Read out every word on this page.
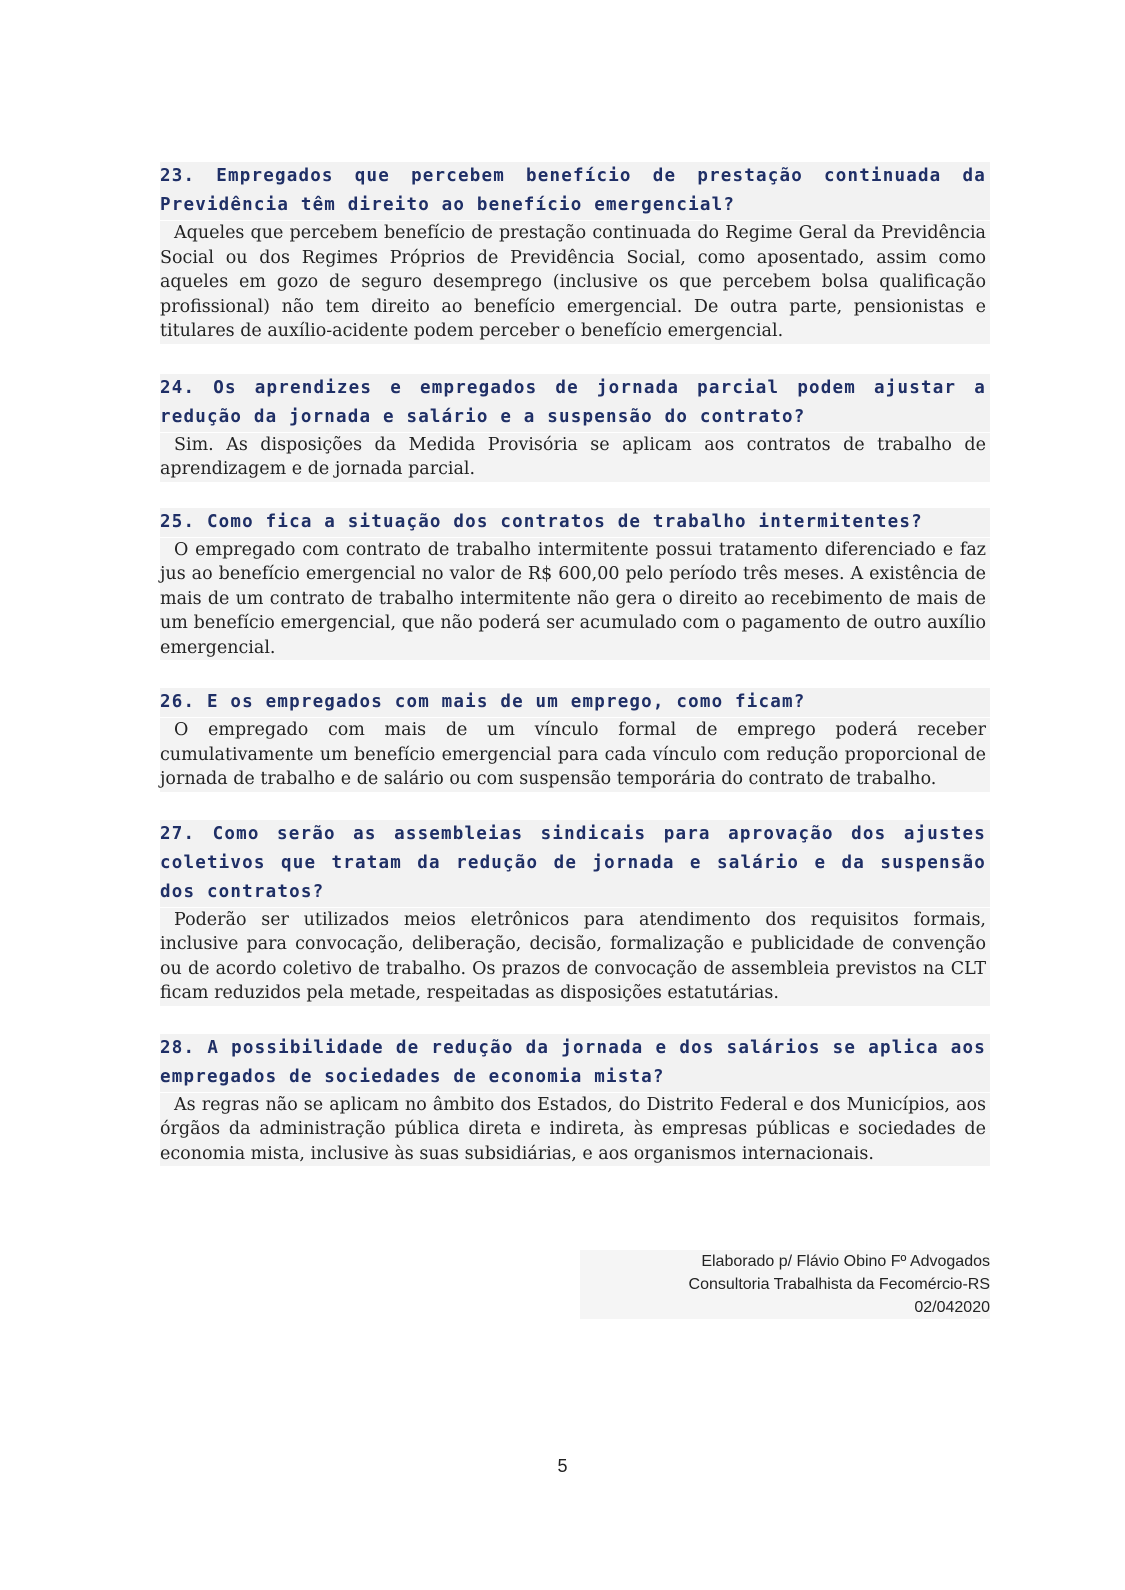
23. Empregados que percebem benefício de prestação continuada da Previdência têm direito ao benefício emergencial?
Aqueles que percebem benefício de prestação continuada do Regime Geral da Previdência Social ou dos Regimes Próprios de Previdência Social, como aposentado, assim como aqueles em gozo de seguro desemprego (inclusive os que percebem bolsa qualificação profissional) não tem direito ao benefício emergencial. De outra parte, pensionistas e titulares de auxílio-acidente podem perceber o benefício emergencial.
24. Os aprendizes e empregados de jornada parcial podem ajustar a redução da jornada e salário e a suspensão do contrato?
Sim. As disposições da Medida Provisória se aplicam aos contratos de trabalho de aprendizagem e de jornada parcial.
25. Como fica a situação dos contratos de trabalho intermitentes?
O empregado com contrato de trabalho intermitente possui tratamento diferenciado e faz jus ao benefício emergencial no valor de R$ 600,00 pelo período três meses. A existência de mais de um contrato de trabalho intermitente não gera o direito ao recebimento de mais de um benefício emergencial, que não poderá ser acumulado com o pagamento de outro auxílio emergencial.
26. E os empregados com mais de um emprego, como ficam?
O empregado com mais de um vínculo formal de emprego poderá receber cumulativamente um benefício emergencial para cada vínculo com redução proporcional de jornada de trabalho e de salário ou com suspensão temporária do contrato de trabalho.
27. Como serão as assembleias sindicais para aprovação dos ajustes coletivos que tratam da redução de jornada e salário e da suspensão dos contratos?
Poderão ser utilizados meios eletrônicos para atendimento dos requisitos formais, inclusive para convocação, deliberação, decisão, formalização e publicidade de convenção ou de acordo coletivo de trabalho. Os prazos de convocação de assembleia previstos na CLT ficam reduzidos pela metade, respeitadas as disposições estatutárias.
28. A possibilidade de redução da jornada e dos salários se aplica aos empregados de sociedades de economia mista?
As regras não se aplicam no âmbito dos Estados, do Distrito Federal e dos Municípios, aos órgãos da administração pública direta e indireta, às empresas públicas e sociedades de economia mista, inclusive às suas subsidiárias, e aos organismos internacionais.
Elaborado p/ Flávio Obino Fº Advogados
Consultoria Trabalhista da Fecomércio-RS
02/042020
5
